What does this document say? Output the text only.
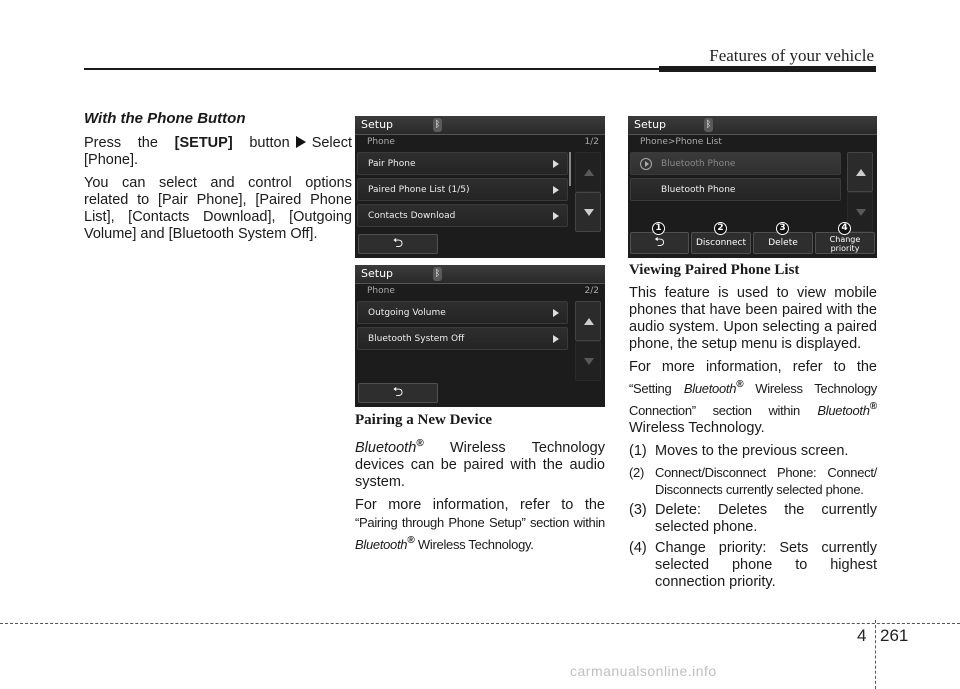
Features of your vehicle
With the Phone Button

Press the [SETUP] button Select [Phone].

You can select and control options related to [Pair Phone], [Paired Phone List], [Contacts Download], [Outgoing Volume] and [Bluetooth System Off].

Setup	ᛒ
Phone	1/2
Pair Phone
Paired Phone List (1/5)
Contacts Download
⮌
Setup	ᛒ
Phone	2/2
Outgoing Volume
Bluetooth System Off
⮌
Setup	ᛒ
Phone>Phone List
Bluetooth Phone
Bluetooth Phone
⮌	Disconnect	Delete	Change
priority
1	2	3	4
Pairing a New Device

Bluetooth® Wireless Technology devices can be paired with the audio system.

For more information, refer to the “Pairing through Phone Setup” section within Bluetooth® Wireless Technology.

Viewing Paired Phone List

This feature is used to view mobile phones that have been paired with the audio system. Upon selecting a paired phone, the setup menu is displayed.

For more information, refer to the “Setting Bluetooth® Wireless Technology Connection” section within Bluetooth® Wireless Technology.

(1) Moves to the previous screen.
(2) Connect/Disconnect Phone: Connect/ Disconnects currently selected phone.
(3) Delete: Deletes the currently selected phone.
(4) Change priority: Sets currently selected phone to highest connection priority.
4 261
carmanualsonline.info
